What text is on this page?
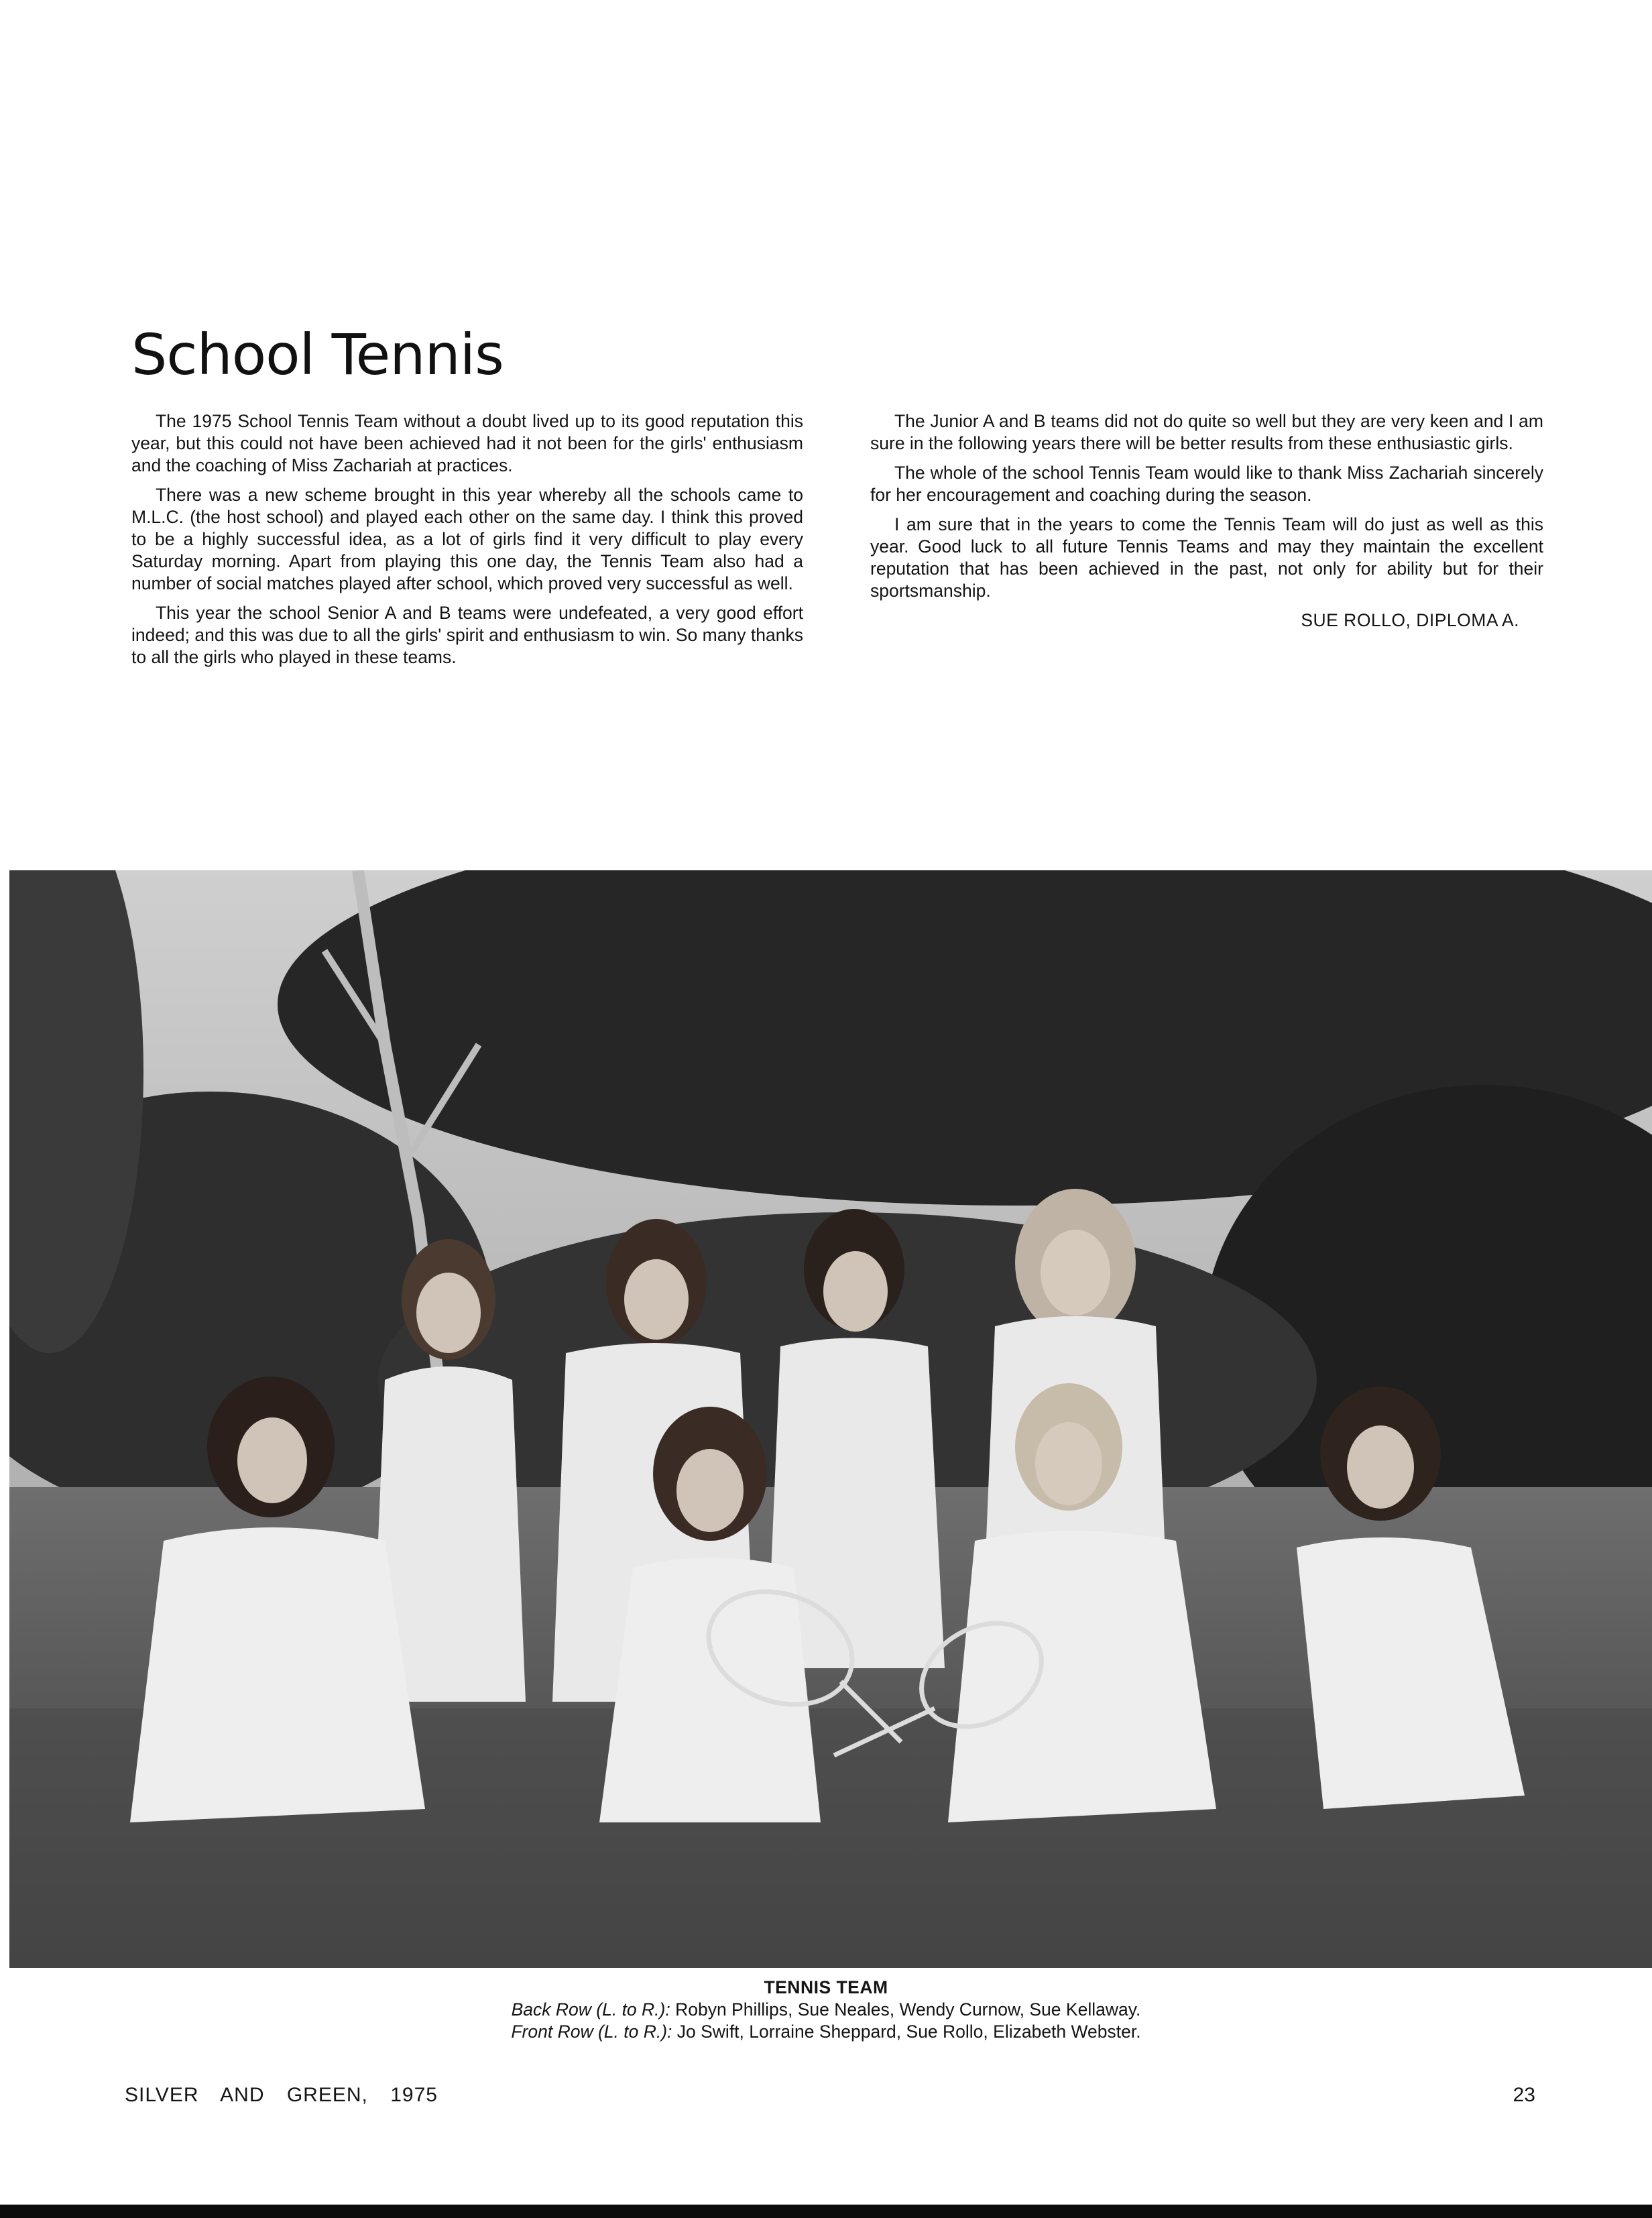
School Tennis

The 1975 School Tennis Team without a doubt lived up to its good reputation this year, but this could not have been achieved had it not been for the girls' enthusiasm and the coaching of Miss Zachariah at practices.

There was a new scheme brought in this year whereby all the schools came to M.L.C. (the host school) and played each other on the same day. I think this proved to be a highly successful idea, as a lot of girls find it very difficult to play every Saturday morning. Apart from playing this one day, the Tennis Team also had a number of social matches played after school, which proved very successful as well.

This year the school Senior A and B teams were undefeated, a very good effort indeed; and this was due to all the girls' spirit and enthusiasm to win. So many thanks to all the girls who played in these teams.

The Junior A and B teams did not do quite so well but they are very keen and I am sure in the following years there will be better results from these enthusiastic girls.

The whole of the school Tennis Team would like to thank Miss Zachariah sincerely for her encouragement and coaching during the season.

I am sure that in the years to come the Tennis Team will do just as well as this year. Good luck to all future Tennis Teams and may they maintain the excellent reputation that has been achieved in the past, not only for ability but for their sportsmanship.

SUE ROLLO, DIPLOMA A.
TENNIS TEAM
Back Row (L. to R.): Robyn Phillips, Sue Neales, Wendy Curnow, Sue Kellaway.
Front Row (L. to R.): Jo Swift, Lorraine Sheppard, Sue Rollo, Elizabeth Webster.
SILVER AND GREEN, 1975	23
